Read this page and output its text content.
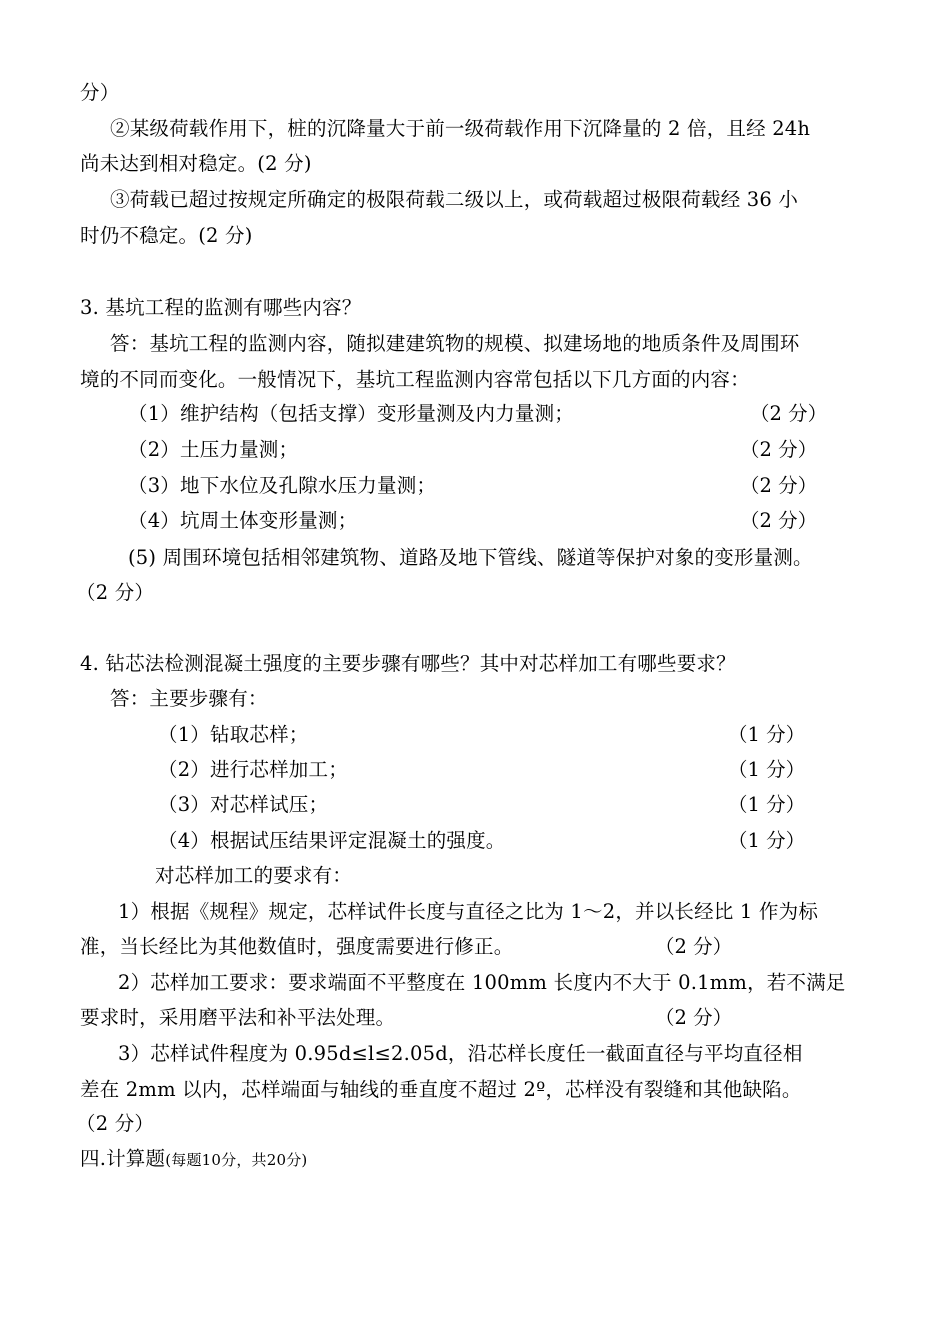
分）
②某级荷载作用下，桩的沉降量大于前一级荷载作用下沉降量的 2 倍，且经 24h
尚未达到相对稳定。(2 分)
③荷载已超过按规定所确定的极限荷载二级以上，或荷载超过极限荷载经 36 小
时仍不稳定。(2 分)
3. 基坑工程的监测有哪些内容？
答：基坑工程的监测内容，随拟建建筑物的规模、拟建场地的地质条件及周围环
境的不同而变化。一般情况下，基坑工程监测内容常包括以下几方面的内容：
（1）维护结构（包括支撑）变形量测及内力量测；	（2 分）
（2）土压力量测；	（2 分）
（3）地下水位及孔隙水压力量测；	（2 分）
（4）坑周土体变形量测；	（2 分）
(5) 周围环境包括相邻建筑物、道路及地下管线、隧道等保护对象的变形量测。
（2 分）
4. 钻芯法检测混凝土强度的主要步骤有哪些？其中对芯样加工有哪些要求？
答：主要步骤有：
（1）钻取芯样；	（1 分）
（2）进行芯样加工；	（1 分）
（3）对芯样试压；	（1 分）
（4）根据试压结果评定混凝土的强度。	（1 分）
对芯样加工的要求有：
1）根据《规程》规定，芯样试件长度与直径之比为 1～2，并以长经比 1 作为标
准，当长经比为其他数值时，强度需要进行修正。	（2 分）
2）芯样加工要求：要求端面不平整度在 100mm 长度内不大于 0.1mm，若不满足
要求时，采用磨平法和补平法处理。	（2 分）
3）芯样试件程度为 0.95d≤l≤2.05d，沿芯样长度任一截面直径与平均直径相
差在 2mm 以内，芯样端面与轴线的垂直度不超过 2º，芯样没有裂缝和其他缺陷。
（2 分）
四.计算题(每题10分，共20分)
